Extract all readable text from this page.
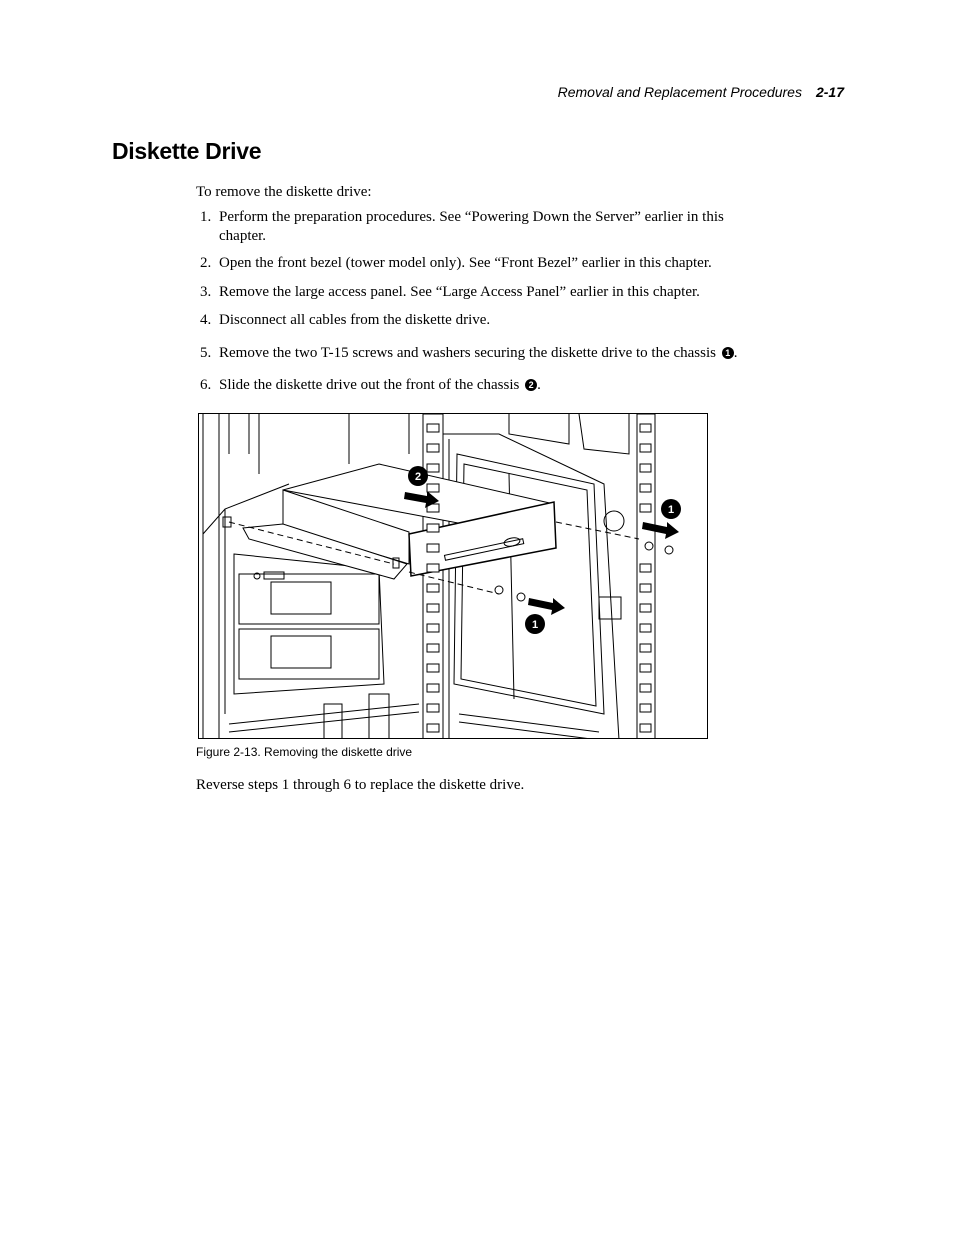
Removal and Replacement Procedures 2-17
Diskette Drive
To remove the diskette drive:
1. Perform the preparation procedures. See “Powering Down the Server” earlier in this
chapter.
2. Open the front bezel (tower model only). See “Front Bezel” earlier in this chapter.
3. Remove the large access panel. See “Large Access Panel” earlier in this chapter.
4. Disconnect all cables from the diskette drive.
5. Remove the two T-15 screws and washers securing the diskette drive to the chassis 1 .
6. Slide the diskette drive out the front of the chassis 2 .
2
1
1
Figure 2-13. Removing the diskette drive
Reverse steps 1 through 6 to replace the diskette drive.
